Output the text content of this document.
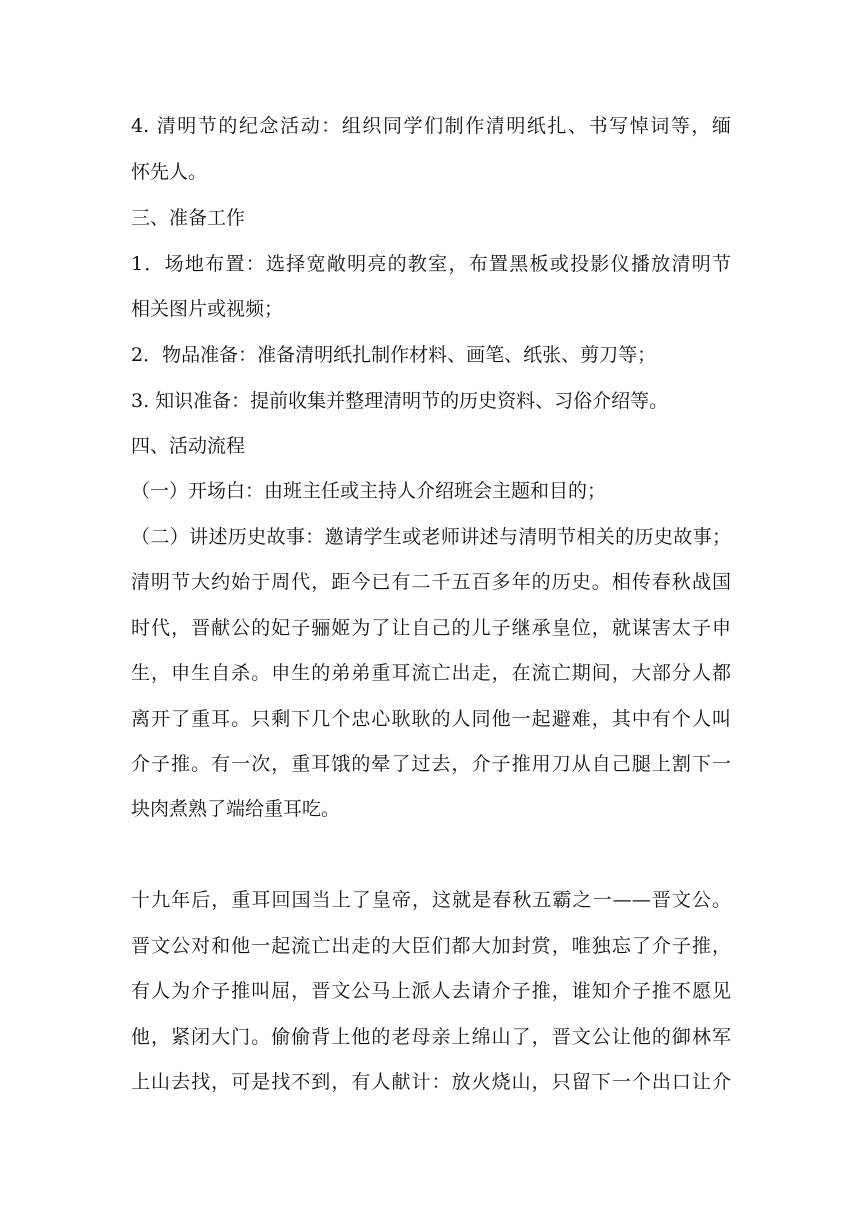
4. 清明节的纪念活动：组织同学们制作清明纸扎、书写悼词等，缅
怀先人。
三、准备工作
1．场地布置：选择宽敞明亮的教室，布置黑板或投影仪播放清明节
相关图片或视频；
2．物品准备：准备清明纸扎制作材料、画笔、纸张、剪刀等；
3. 知识准备：提前收集并整理清明节的历史资料、习俗介绍等。
四、活动流程
（一）开场白：由班主任或主持人介绍班会主题和目的；
（二）讲述历史故事：邀请学生或老师讲述与清明节相关的历史故事；
清明节大约始于周代，距今已有二千五百多年的历史。相传春秋战国
时代，晋献公的妃子骊姬为了让自己的儿子继承皇位，就谋害太子申
生，申生自杀。申生的弟弟重耳流亡出走，在流亡期间，大部分人都
离开了重耳。只剩下几个忠心耿耿的人同他一起避难，其中有个人叫
介子推。有一次，重耳饿的晕了过去，介子推用刀从自己腿上割下一
块肉煮熟了端给重耳吃。
十九年后，重耳回国当上了皇帝，这就是春秋五霸之一——晋文公。
晋文公对和他一起流亡出走的大臣们都大加封赏，唯独忘了介子推，
有人为介子推叫屈，晋文公马上派人去请介子推，谁知介子推不愿见
他，紧闭大门。偷偷背上他的老母亲上绵山了，晋文公让他的御林军
上山去找，可是找不到，有人献计：放火烧山，只留下一个出口让介
